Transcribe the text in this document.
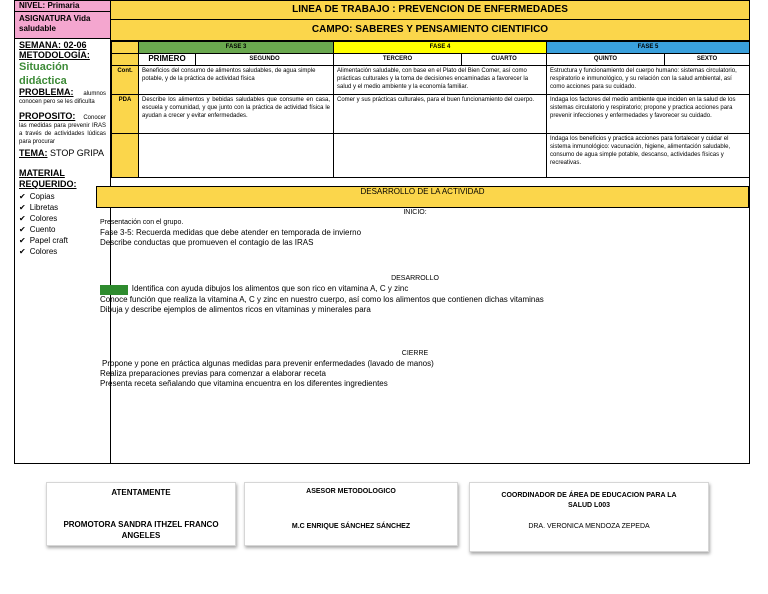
NIVEL: Primaria
ASIGNATURA Vida saludable
SEMANA: 02-06
METODOLOGÍA:
Situación didáctica
PROBLEMA: alumnos conocen pero se les dificulta
PROPOSITO: Conocer las medidas para prevenir IRAS a través de actividades lúdicas para procurar
TEMA: STOP GRIPA
MATERIAL REQUERIDO:
✔ Copias
✔ Libretas
✔ Colores
✔ Cuento
✔ Papel craft
✔ Colores
LINEA DE TRABAJO : PREVENCION DE ENFERMEDADES
CAMPO: SABERES Y PENSAMIENTO CIENTIFICO
	FASE 3		FASE 4		FASE 5	
	PRIMERO	SEGUNDO	TERCERO	CUARTO	QUINTO	SEXTO
Cont.	Beneficios del consumo de alimentos saludables, de agua simple potable, y de la práctica de actividad física		Alimentación saludable, con base en el Plato del Bien Comer, así como prácticas culturales y la toma de decisiones encaminadas a favorecer la salud y el medio ambiente y la economía familiar.		Estructura y funcionamiento del cuerpo humano: sistemas circulatorio, respiratorio e inmunológico, y su relación con la salud ambiental, así como acciones para su cuidado.	
PDA	Describe los alimentos y bebidas saludables que consume en casa, escuela y comunidad, y que junto con la práctica de actividad física le ayudan a crecer y evitar enfermedades.		Comer y sus prácticas culturales, para el buen funcionamiento del cuerpo.		Indaga los factores del medio ambiente que inciden en la salud de los sistemas circulatorio y respiratorio; propone y practica acciones para prevenir infecciones y enfermedades y favorecer su cuidado.	
					Indaga los beneficios y practica acciones para fortalecer y cuidar el sistema inmunológico: vacunación, higiene, alimentación saludable, consumo de agua simple potable, descanso, actividades físicas y recreativas.	
DESARROLLO DE LA ACTIVIDAD
INICIO:
Presentación con el grupo.
Fase 3-5: Recuerda medidas que debe atender en temporada de invierno
Describe conductas que promueven el contagio de las IRAS
DESARROLLO
FASE 3 Identifica con ayuda dibujos los alimentos que son rico en vitamina A, C y zinc
Conoce función que realiza la vitamina A, C y zinc en nuestro cuerpo, así como los alimentos que contienen dichas vitaminas
Dibuja y describe ejemplos de alimentos ricos en vitaminas y minerales para
CIERRE
Propone y pone en práctica algunas medidas para prevenir enfermedades (lavado de manos)
Realiza preparaciones previas para comenzar a elaborar receta
Presenta receta señalando que vitamina encuentra en los diferentes ingredientes
ATENTAMENTE
PROMOTORA SANDRA ITHZEL FRANCO ANGELES
ASESOR METODOLOGICO
M.C ENRIQUE SÁNCHEZ SÁNCHEZ
COORDINADOR DE ÁREA DE EDUCACION PARA LA SALUD L003
DRA. VERONICA MENDOZA ZEPEDA
